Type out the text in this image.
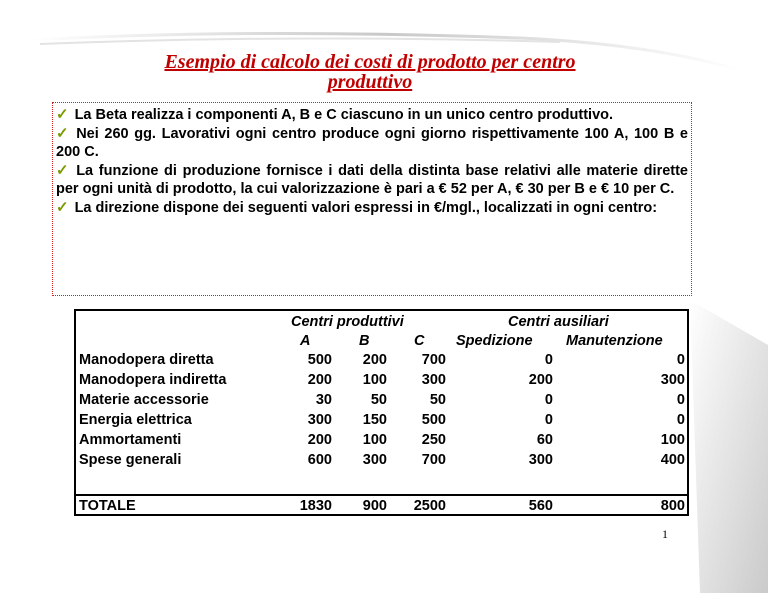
Esempio di calcolo dei costi di prodotto per centro
produttivo

✓ La Beta realizza i componenti A, B e C ciascuno in un unico centro produttivo.

✓ Nei 260 gg. Lavorativi ogni centro produce ogni giorno rispettivamente 100 A, 100 B e 200 C.

✓ La funzione di produzione fornisce i dati della distinta base relativi alle materie dirette per ogni unità di prodotto, la cui valorizzazione è pari a € 52 per A, € 30 per B e € 10 per C.

✓ La direzione dispone dei seguenti valori espressi in €/mgl., localizzati in ogni centro:

Centri produttivi	Centri ausiliari
A	B	C Spedizione Manutenzione
Manodopera diretta	500 200 700	0	0
Manodopera indiretta	200 100 300	200	300
Materie accessorie	30	50	50	0	0
Energia elettrica	300 150 500	0	0
Ammortamenti	200 100 250	60	100
Spese generali	600 300 700	300	400
TOTALE	1830 900 2500	560	800
1
